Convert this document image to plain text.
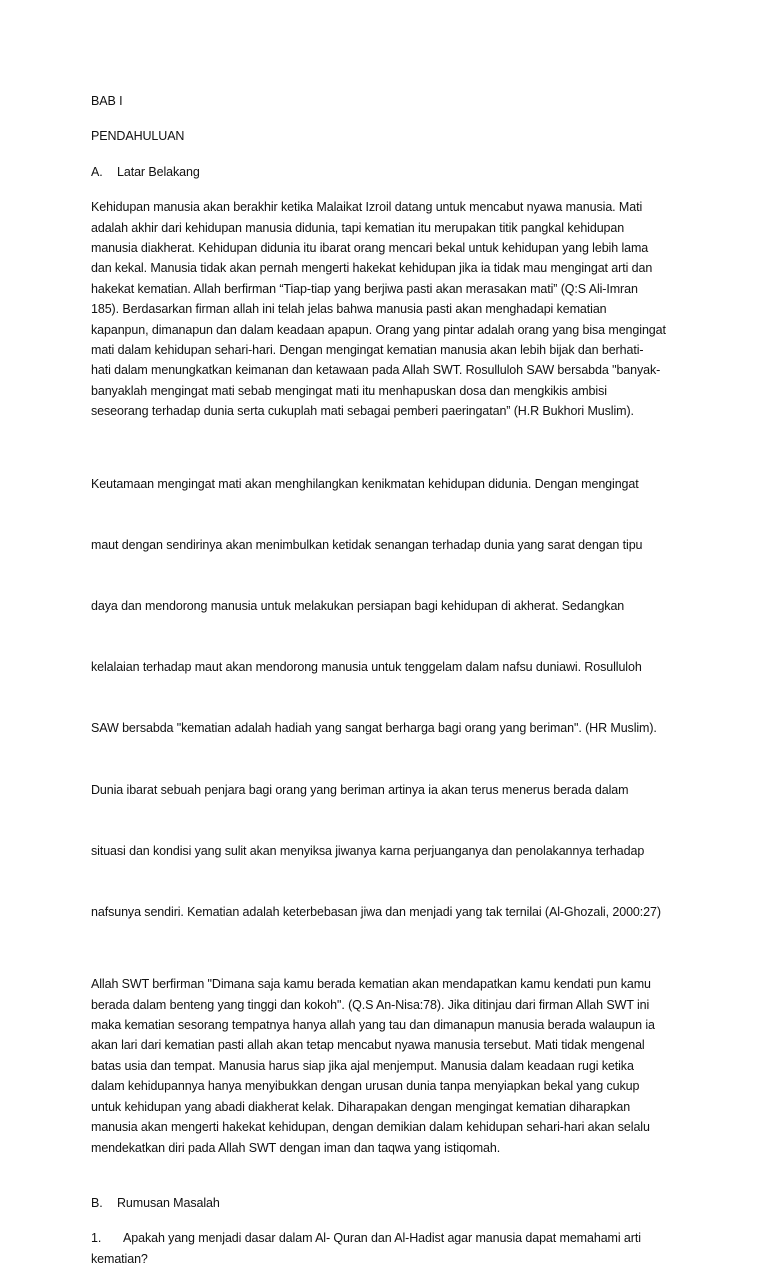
BAB I

PENDAHULUAN

A. Latar Belakang

Kehidupan manusia akan berakhir ketika Malaikat Izroil datang untuk mencabut nyawa manusia. Mati
adalah akhir dari kehidupan manusia didunia, tapi kematian itu merupakan titik pangkal kehidupan
manusia diakherat. Kehidupan didunia itu ibarat orang mencari bekal untuk kehidupan yang lebih lama
dan kekal. Manusia tidak akan pernah mengerti hakekat kehidupan jika ia tidak mau mengingat arti dan
hakekat kematian. Allah berfirman “Tiap-tiap yang berjiwa pasti akan merasakan mati” (Q:S Ali-Imran
185). Berdasarkan firman allah ini telah jelas bahwa manusia pasti akan menghadapi kematian
kapanpun, dimanapun dan dalam keadaan apapun. Orang yang pintar adalah orang yang bisa mengingat
mati dalam kehidupan sehari-hari. Dengan mengingat kematian manusia akan lebih bijak dan berhati-
hati dalam menungkatkan keimanan dan ketawaan pada Allah SWT. Rosulluloh SAW bersabda "banyak-
banyaklah mengingat mati sebab mengingat mati itu menhapuskan dosa dan mengkikis ambisi
seseorang terhadap dunia serta cukuplah mati sebagai pemberi paeringatan” (H.R Bukhori Muslim).

Keutamaan mengingat mati akan menghilangkan kenikmatan kehidupan didunia. Dengan mengingat

maut dengan sendirinya akan menimbulkan ketidak senangan terhadap dunia yang sarat dengan tipu

daya dan mendorong manusia untuk melakukan persiapan bagi kehidupan di akherat. Sedangkan

kelalaian terhadap maut akan mendorong manusia untuk tenggelam dalam nafsu duniawi. Rosulluloh

SAW bersabda "kematian adalah hadiah yang sangat berharga bagi orang yang beriman". (HR Muslim).

Dunia ibarat sebuah penjara bagi orang yang beriman artinya ia akan terus menerus berada dalam

situasi dan kondisi yang sulit akan menyiksa jiwanya karna perjuanganya dan penolakannya terhadap

nafsunya sendiri. Kematian adalah keterbebasan jiwa dan menjadi yang tak ternilai (Al-Ghozali, 2000:27)

Allah SWT berfirman "Dimana saja kamu berada kematian akan mendapatkan kamu kendati pun kamu
berada dalam benteng yang tinggi dan kokoh". (Q.S An-Nisa:78). Jika ditinjau dari firman Allah SWT ini
maka kematian sesorang tempatnya hanya allah yang tau dan dimanapun manusia berada walaupun ia
akan lari dari kematian pasti allah akan tetap mencabut nyawa manusia tersebut. Mati tidak mengenal
batas usia dan tempat. Manusia harus siap jika ajal menjemput. Manusia dalam keadaan rugi ketika
dalam kehidupannya hanya menyibukkan dengan urusan dunia tanpa menyiapkan bekal yang cukup
untuk kehidupan yang abadi diakherat kelak. Diharapakan dengan mengingat kematian diharapkan
manusia akan mengerti hakekat kehidupan, dengan demikian dalam kehidupan sehari-hari akan selalu
mendekatkan diri pada Allah SWT dengan iman dan taqwa yang istiqomah.

B. Rumusan Masalah

1. Apakah yang menjadi dasar dalam Al- Quran dan Al-Hadist agar manusia dapat memahami arti
kematian?
